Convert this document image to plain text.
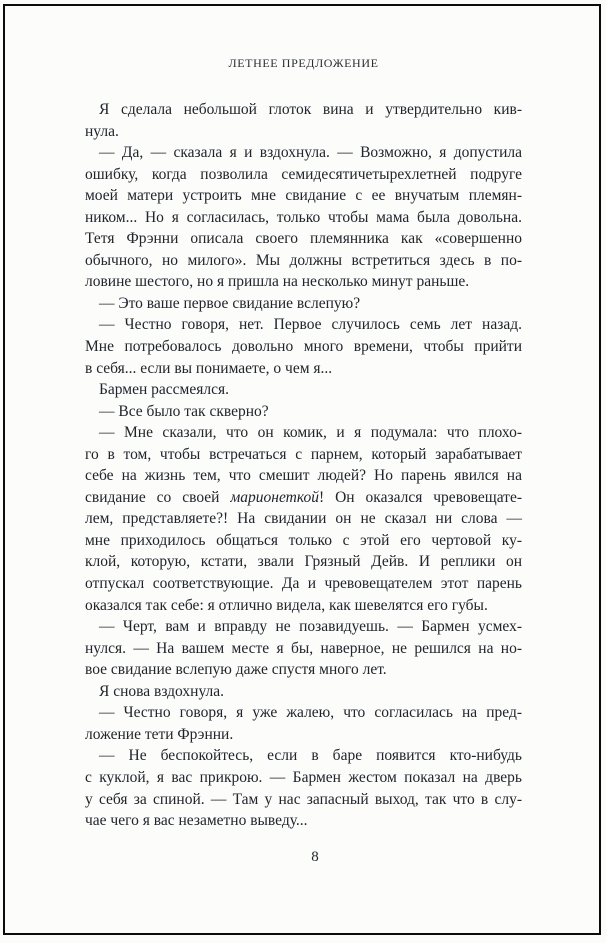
ЛЕТНЕЕ ПРЕДЛОЖЕНИЕ
Я сделала небольшой глоток вина и утвердительно кив-
нула.
— Да, — сказала я и вздохнула. — Возможно, я допустила
ошибку, когда позволила семидесятичетырехлетней подруге
моей матери устроить мне свидание с ее внучатым племян-
ником... Но я согласилась, только чтобы мама была довольна.
Тетя Фрэнни описала своего племянника как «совершенно
обычного, но милого». Мы должны встретиться здесь в по-
ловине шестого, но я пришла на несколько минут раньше.
— Это ваше первое свидание вслепую?
— Честно говоря, нет. Первое случилось семь лет назад.
Мне потребовалось довольно много времени, чтобы прийти
в себя... если вы понимаете, о чем я...
Бармен рассмеялся.
— Все было так скверно?
— Мне сказали, что он комик, и я подумала: что плохо-
го в том, чтобы встречаться с парнем, который зарабатывает
себе на жизнь тем, что смешит людей? Но парень явился на
свидание со своей марионеткой! Он оказался чревовещате-
лем, представляете?! На свидании он не сказал ни слова —
мне приходилось общаться только с этой его чертовой ку-
клой, которую, кстати, звали Грязный Дейв. И реплики он
отпускал соответствующие. Да и чревовещателем этот парень
оказался так себе: я отлично видела, как шевелятся его губы.
— Черт, вам и вправду не позавидуешь. — Бармен усмех-
нулся. — На вашем месте я бы, наверное, не решился на но-
вое свидание вслепую даже спустя много лет.
Я снова вздохнула.
— Честно говоря, я уже жалею, что согласилась на пред-
ложение тети Фрэнни.
— Не беспокойтесь, если в баре появится кто-нибудь
с куклой, я вас прикрою. — Бармен жестом показал на дверь
у себя за спиной. — Там у нас запасный выход, так что в слу-
чае чего я вас незаметно выведу...
8
